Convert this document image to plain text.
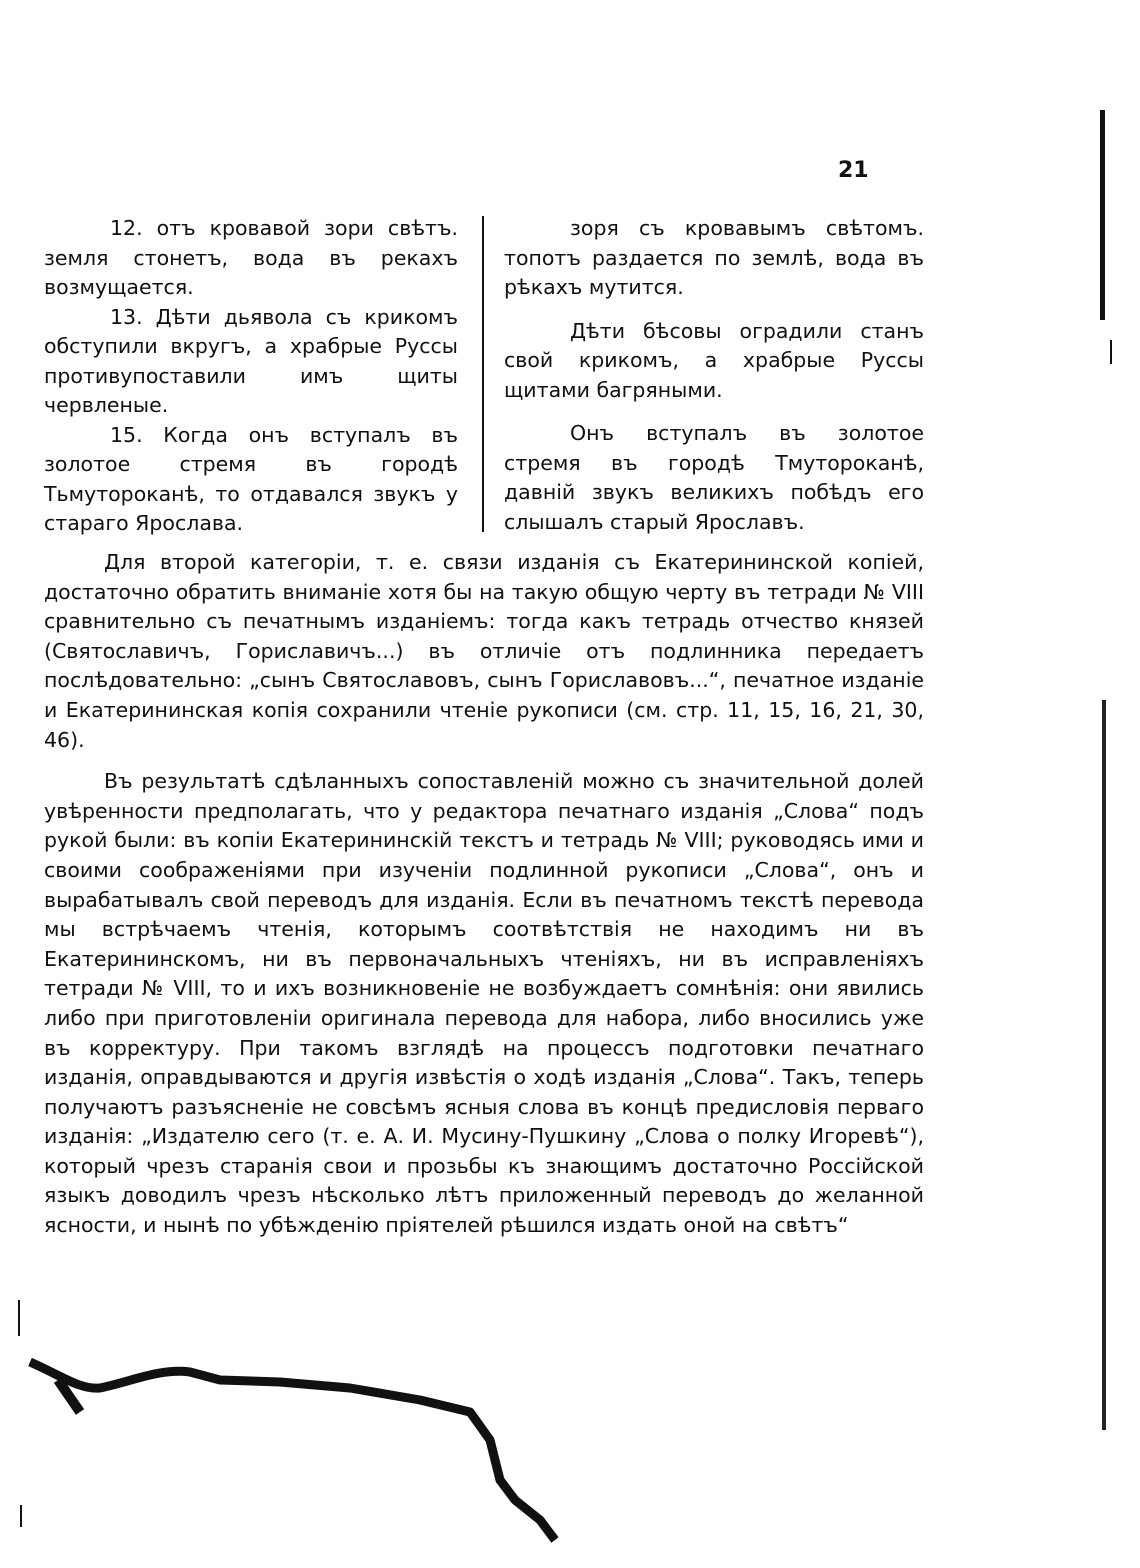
21

12. отъ кровавой зори свѣтъ. земля стонетъ, вода въ рекахъ возмущается.

13. Дѣти дьявола съ крикомъ обступили вкругъ, а храбрые Руссы противупоставили имъ щиты червленые.

15. Когда онъ вступалъ въ золотое стремя въ городѣ Тьмутороканѣ, то отдавался звукъ у стараго Ярослава.

зоря съ кровавымъ свѣтомъ. топотъ раздается по землѣ, вода въ рѣкахъ мутится.

Дѣти бѣсовы оградили станъ свой крикомъ, а храбрые Руссы щитами багряными.

Онъ вступалъ въ золотое стремя въ городѣ Тмутороканѣ, давній звукъ великихъ побѣдъ его слышалъ старый Ярославъ.

Для второй категоріи, т. е. связи изданія съ Екатерининской копіей, достаточно обратить вниманіе хотя бы на такую общую черту въ тетради № VIII сравнительно съ печатнымъ изданіемъ: тогда какъ тетрадь отчество князей (Святославичъ, Гориславичъ...) въ отличіе отъ подлинника передаетъ послѣдовательно: „сынъ Святославовъ, сынъ Гориславовъ...“, печатное изданіе и Екатерининская копія сохранили чтеніе рукописи (см. стр. 11, 15, 16, 21, 30, 46).

Въ результатѣ сдѣланныхъ сопоставленій можно съ значительной долей увѣренности предполагать, что у редактора печатнаго изданія „Слова“ подъ рукой были: въ копіи Екатерининскій текстъ и тетрадь № VIII; руководясь ими и своими соображеніями при изученіи подлинной рукописи „Слова“, онъ и вырабатывалъ свой переводъ для изданія. Если въ печатномъ текстѣ перевода мы встрѣчаемъ чтенія, которымъ соотвѣтствія не находимъ ни въ Екатерининскомъ, ни въ первоначальныхъ чтеніяхъ, ни въ исправленіяхъ тетради № VIII, то и ихъ возникновеніе не возбуждаетъ сомнѣнія: они явились либо при приготовленіи оригинала перевода для набора, либо вносились уже въ корректуру. При такомъ взглядѣ на процессъ подготовки печатнаго изданія, оправдываются и другія извѣстія о ходѣ изданія „Слова“. Такъ, теперь получаютъ разъясненіе не совсѣмъ ясныя слова въ концѣ предисловія перваго изданія: „Издателю сего (т. е. А. И. Мусину-Пушкину „Слова о полку Игоревѣ“), который чрезъ старанія свои и прозьбы къ знающимъ достаточно Россійской языкъ доводилъ чрезъ нѣсколько лѣтъ приложенный переводъ до желанной ясности, и нынѣ по убѣжденію пріятелей рѣшился издать оной на свѣтъ“
